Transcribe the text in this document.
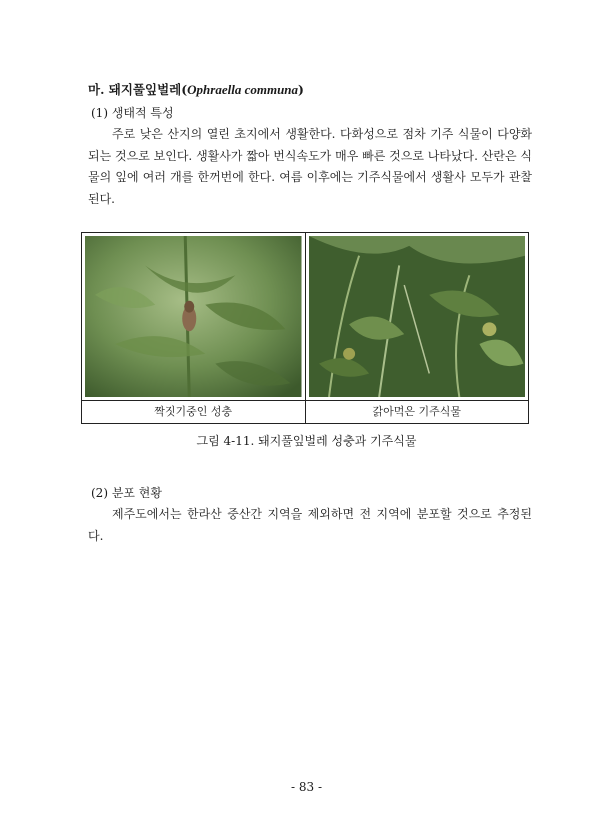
마. 돼지풀잎벌레(Ophraella communa)
(1) 생태적 특성
주로 낮은 산지의 열린 초지에서 생활한다. 다화성으로 점차 기주 식물이 다양화 되는 것으로 보인다. 생활사가 짧아 번식속도가 매우 빠른 것으로 나타났다. 산란은 식물의 잎에 여러 개를 한꺼번에 한다. 여름 이후에는 기주식물에서 생활사 모두가 관찰된다.
짝짓기중인 성충	갉아먹은 기주식물
그림 4-11. 돼지풀잎벌레 성충과 기주식물
(2) 분포 현황
제주도에서는 한라산 중산간 지역을 제외하면 전 지역에 분포할 것으로 추정된다.
- 83 -
